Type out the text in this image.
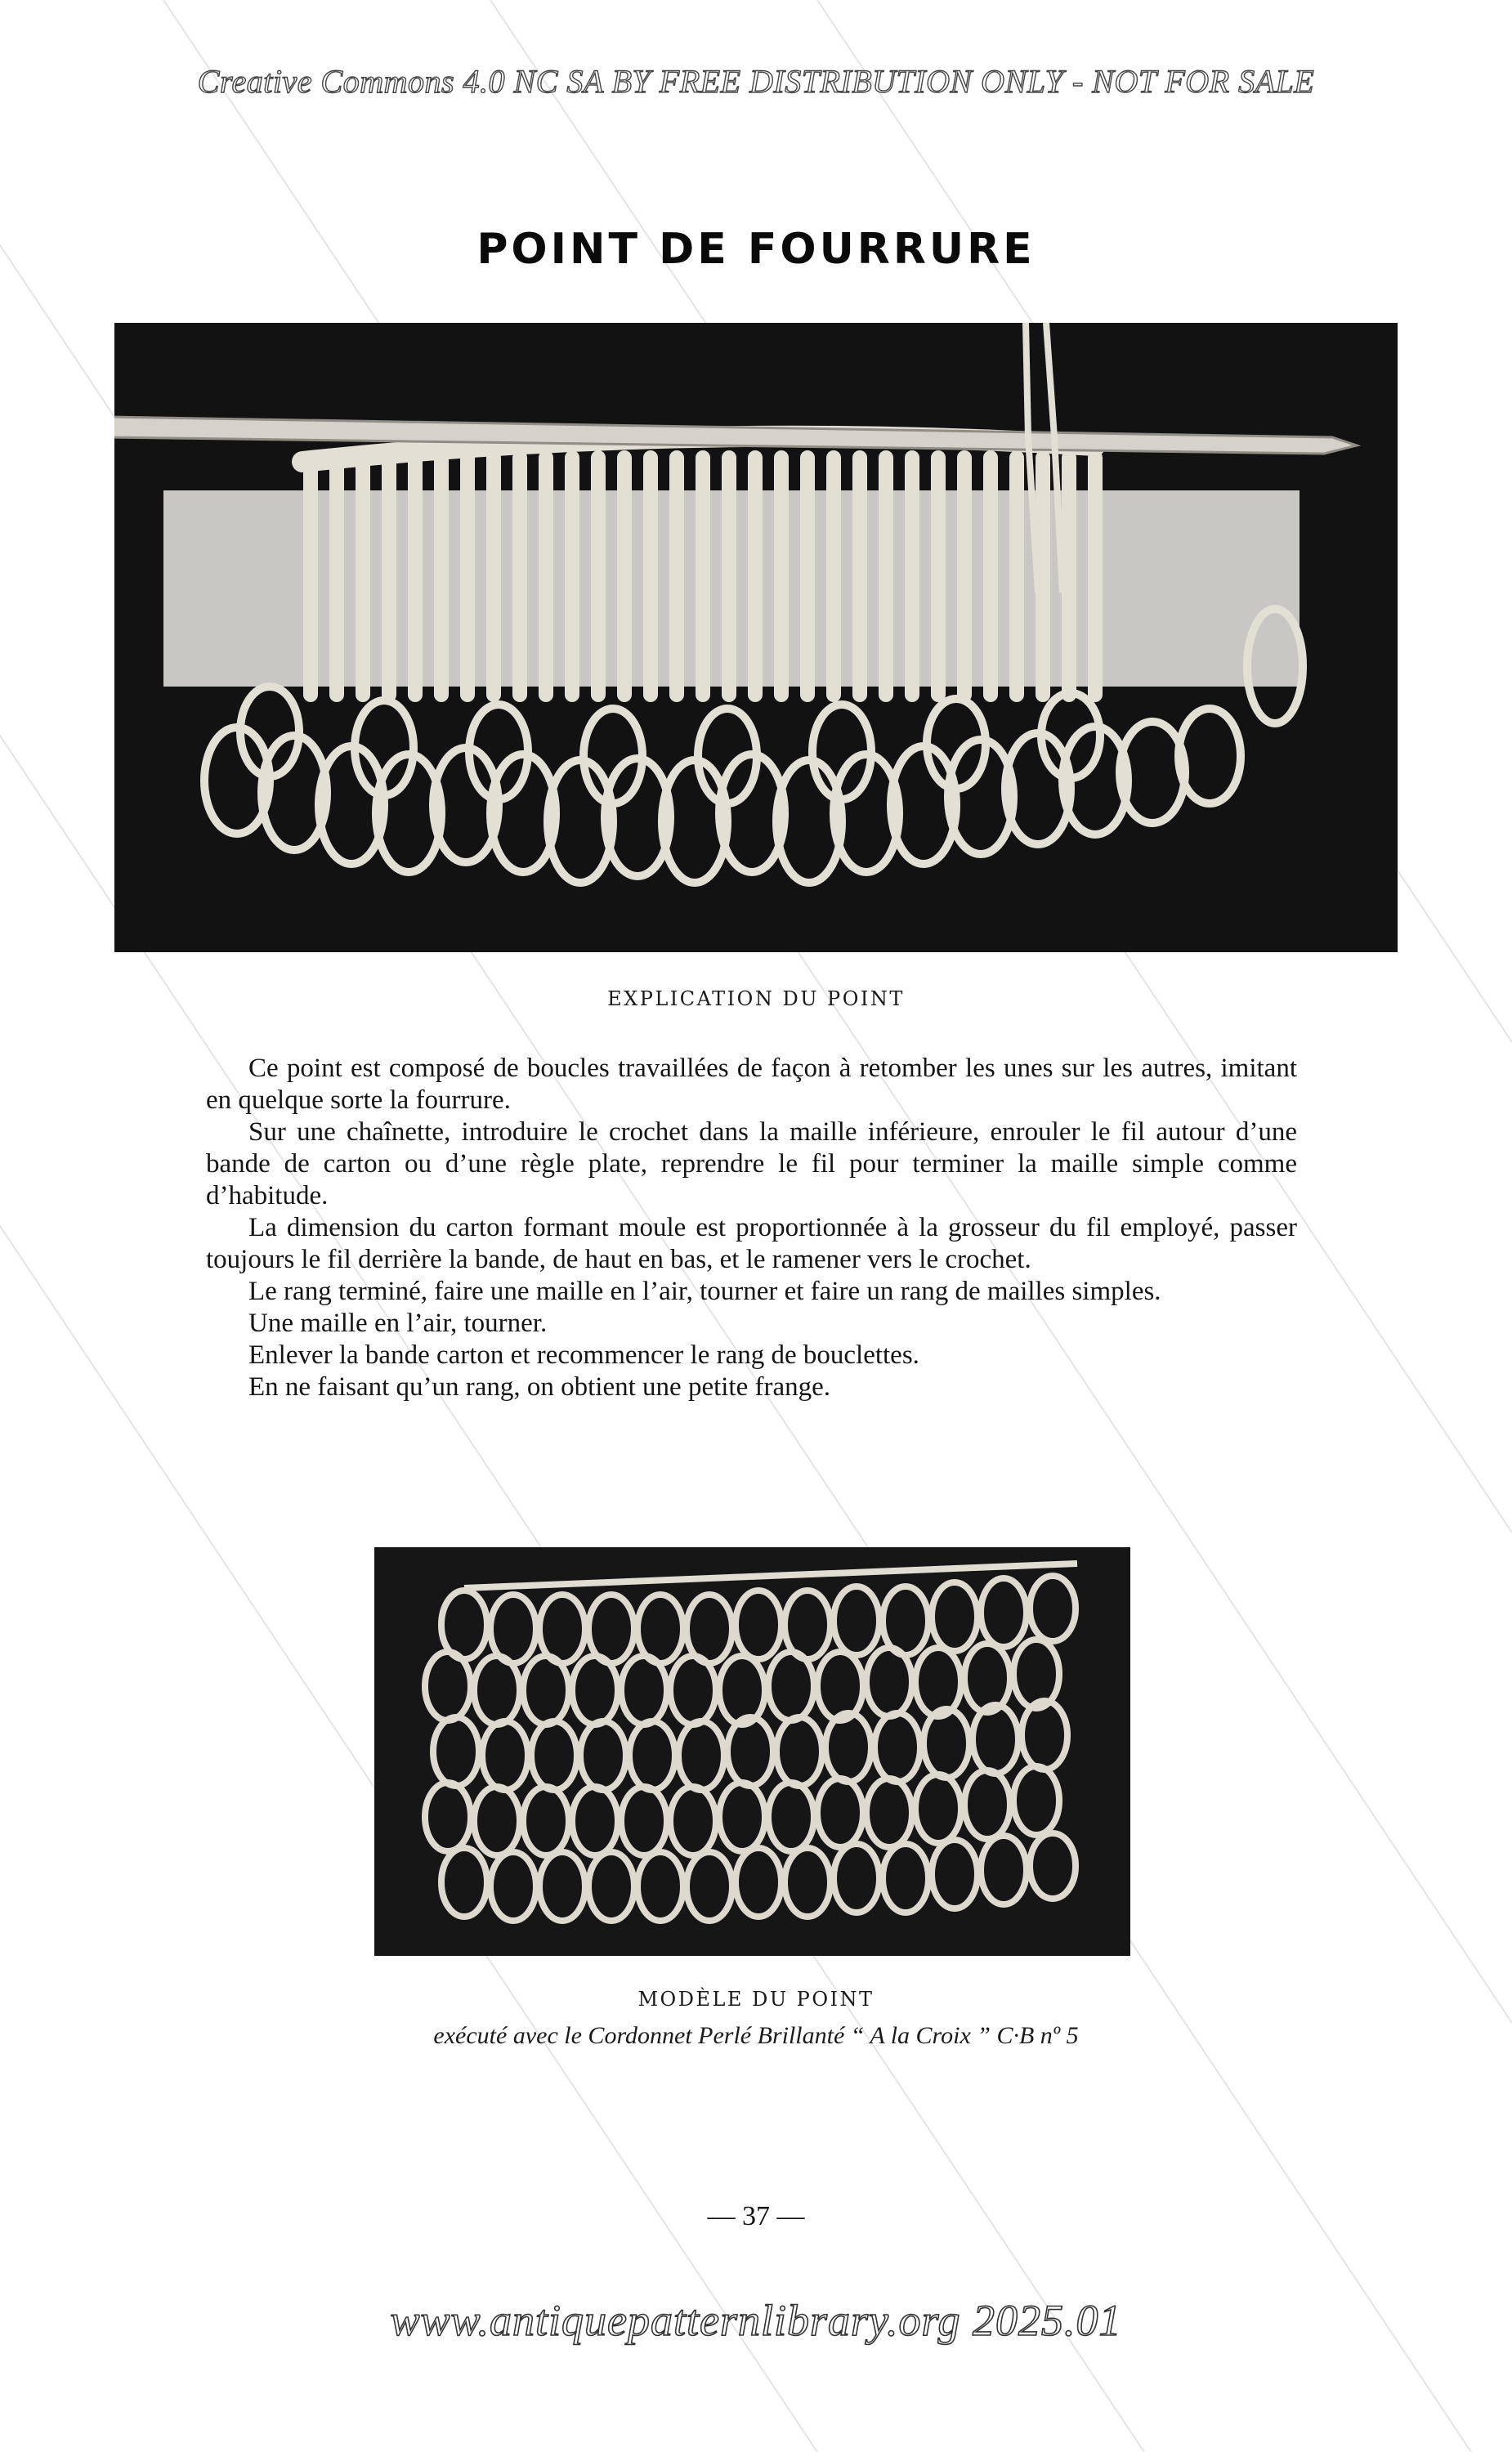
Creative Commons 4.0 NC SA BY FREE DISTRIBUTION ONLY - NOT FOR SALE
POINT DE FOURRURE
EXPLICATION DU POINT

Ce point est composé de boucles travaillées de façon à retomber les unes sur les autres, imitant en quelque sorte la fourrure.

Sur une chaînette, introduire le crochet dans la maille inférieure, enrouler le fil autour d’une bande de carton ou d’une règle plate, reprendre le fil pour terminer la maille simple comme d’habitude.

La dimension du carton formant moule est proportionnée à la grosseur du fil employé, passer toujours le fil derrière la bande, de haut en bas, et le ramener vers le crochet.

Le rang terminé, faire une maille en l’air, tourner et faire un rang de mailles simples.

Une maille en l’air, tourner.

Enlever la bande carton et recommencer le rang de bouclettes.

En ne faisant qu’un rang, on obtient une petite frange.

MODÈLE DU POINT
exécuté avec le Cordonnet Perlé Brillanté “ A la Croix ” C·B nº 5
— 37 —
www.antiquepatternlibrary.org 2025.01
